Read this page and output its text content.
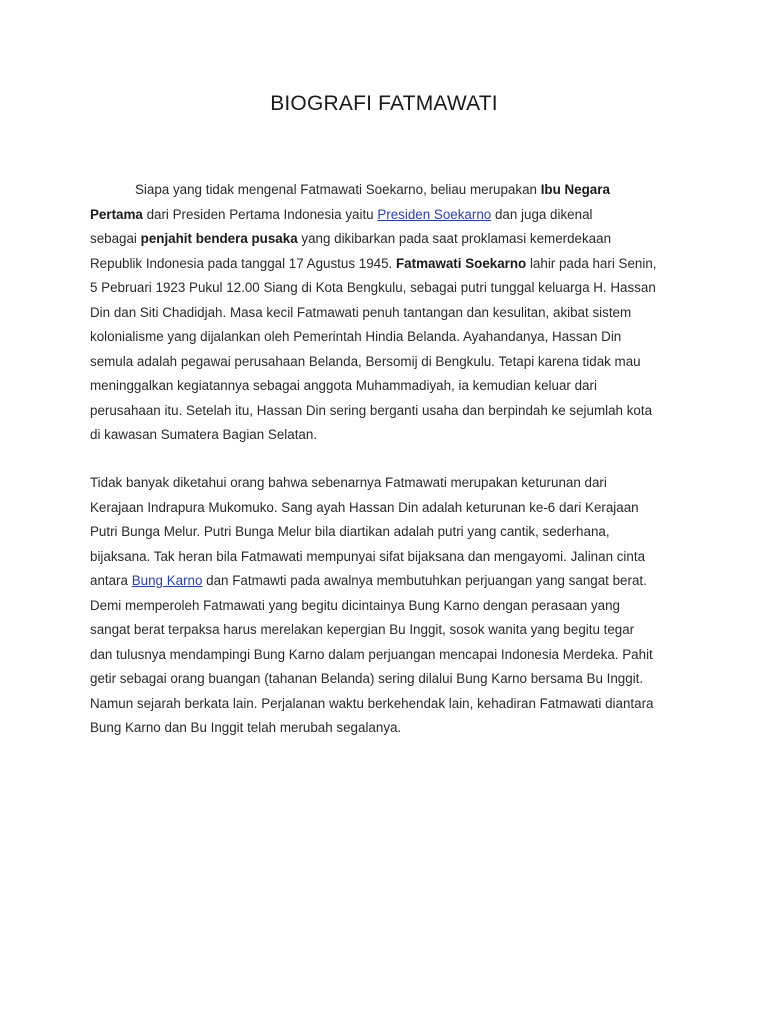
BIOGRAFI FATMAWATI
Siapa yang tidak mengenal Fatmawati Soekarno, beliau merupakan Ibu Negara
Pertama dari Presiden Pertama Indonesia yaitu Presiden Soekarno dan juga dikenal
sebagai penjahit bendera pusaka yang dikibarkan pada saat proklamasi kemerdekaan
Republik Indonesia pada tanggal 17 Agustus 1945. Fatmawati Soekarno lahir pada hari Senin,
5 Pebruari 1923 Pukul 12.00 Siang di Kota Bengkulu, sebagai putri tunggal keluarga H. Hassan
Din dan Siti Chadidjah. Masa kecil Fatmawati penuh tantangan dan kesulitan, akibat sistem
kolonialisme yang dijalankan oleh Pemerintah Hindia Belanda. Ayahandanya, Hassan Din
semula adalah pegawai perusahaan Belanda, Bersomij di Bengkulu. Tetapi karena tidak mau
meninggalkan kegiatannya sebagai anggota Muhammadiyah, ia kemudian keluar dari
perusahaan itu. Setelah itu, Hassan Din sering berganti usaha dan berpindah ke sejumlah kota
di kawasan Sumatera Bagian Selatan.
Tidak banyak diketahui orang bahwa sebenarnya Fatmawati merupakan keturunan dari
Kerajaan Indrapura Mukomuko. Sang ayah Hassan Din adalah keturunan ke-6 dari Kerajaan
Putri Bunga Melur. Putri Bunga Melur bila diartikan adalah putri yang cantik, sederhana,
bijaksana. Tak heran bila Fatmawati mempunyai sifat bijaksana dan mengayomi. Jalinan cinta
antara Bung Karno dan Fatmawti pada awalnya membutuhkan perjuangan yang sangat berat.
Demi memperoleh Fatmawati yang begitu dicintainya Bung Karno dengan perasaan yang
sangat berat terpaksa harus merelakan kepergian Bu Inggit, sosok wanita yang begitu tegar
dan tulusnya mendampingi Bung Karno dalam perjuangan mencapai Indonesia Merdeka. Pahit
getir sebagai orang buangan (tahanan Belanda) sering dilalui Bung Karno bersama Bu Inggit.
Namun sejarah berkata lain. Perjalanan waktu berkehendak lain, kehadiran Fatmawati diantara
Bung Karno dan Bu Inggit telah merubah segalanya.
